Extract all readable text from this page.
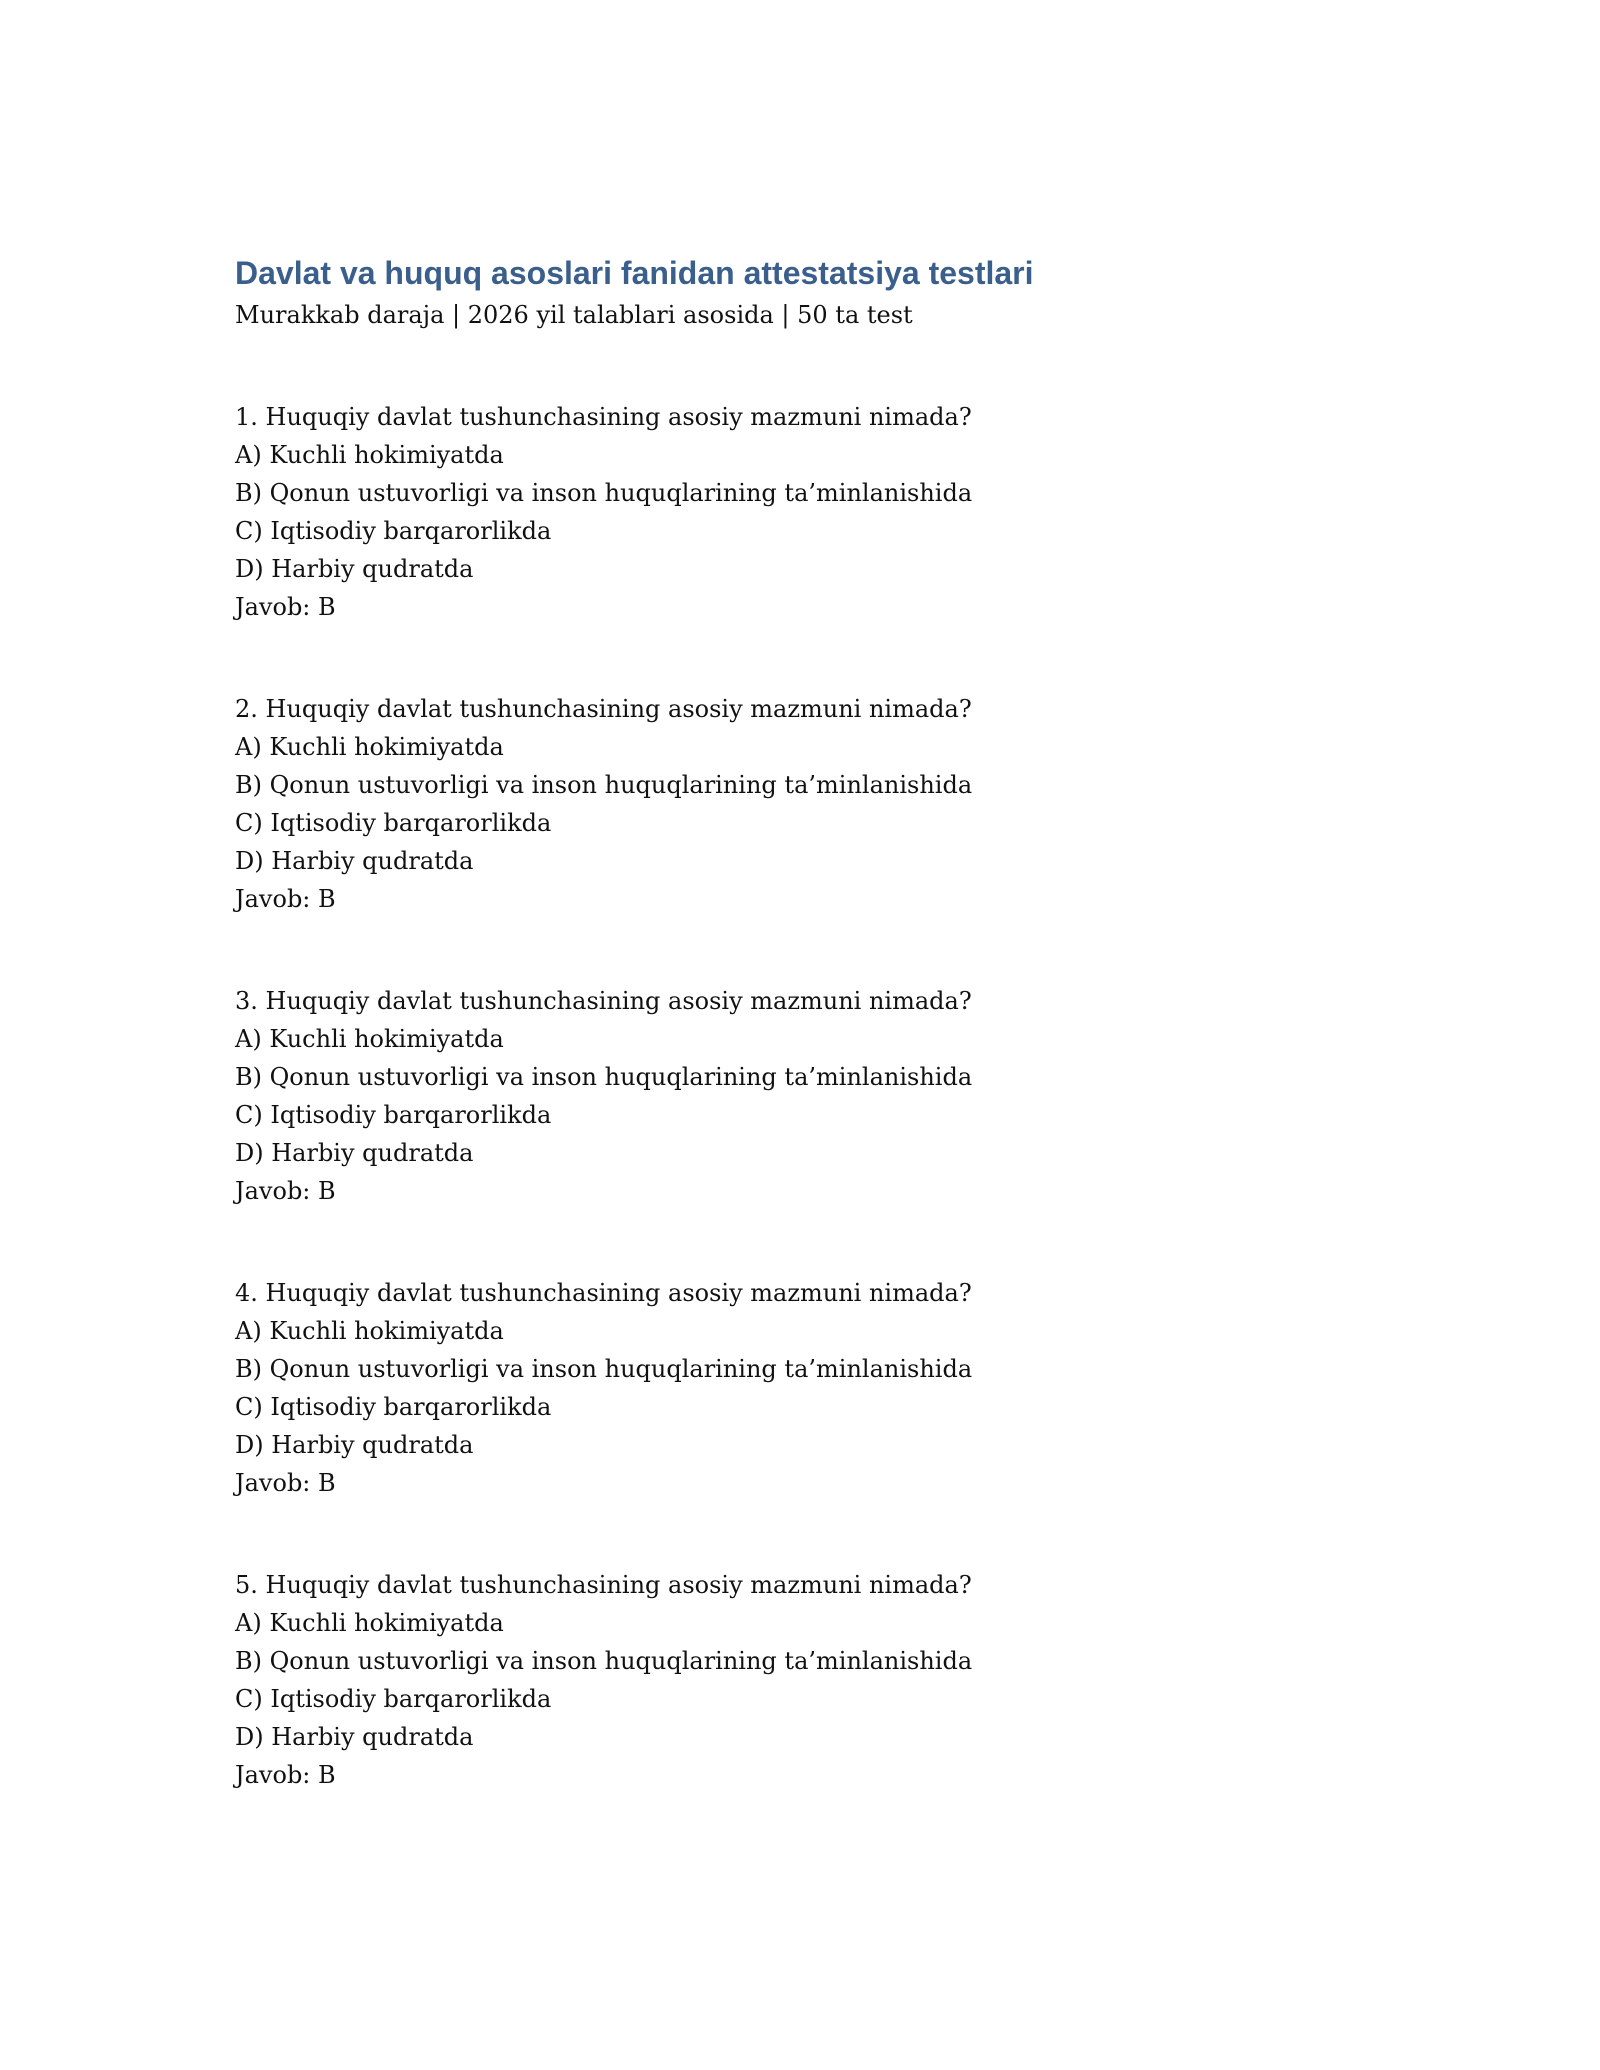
Davlat va huquq asoslari fanidan attestatsiya testlari

Murakkab daraja | 2026 yil talablari asosida | 50 ta test

1. Huquqiy davlat tushunchasining asosiy mazmuni nimada?
A) Kuchli hokimiyatda
B) Qonun ustuvorligi va inson huquqlarining ta’minlanishida
C) Iqtisodiy barqarorlikda
D) Harbiy qudratda
Javob: B
2. Huquqiy davlat tushunchasining asosiy mazmuni nimada?
A) Kuchli hokimiyatda
B) Qonun ustuvorligi va inson huquqlarining ta’minlanishida
C) Iqtisodiy barqarorlikda
D) Harbiy qudratda
Javob: B
3. Huquqiy davlat tushunchasining asosiy mazmuni nimada?
A) Kuchli hokimiyatda
B) Qonun ustuvorligi va inson huquqlarining ta’minlanishida
C) Iqtisodiy barqarorlikda
D) Harbiy qudratda
Javob: B
4. Huquqiy davlat tushunchasining asosiy mazmuni nimada?
A) Kuchli hokimiyatda
B) Qonun ustuvorligi va inson huquqlarining ta’minlanishida
C) Iqtisodiy barqarorlikda
D) Harbiy qudratda
Javob: B
5. Huquqiy davlat tushunchasining asosiy mazmuni nimada?
A) Kuchli hokimiyatda
B) Qonun ustuvorligi va inson huquqlarining ta’minlanishida
C) Iqtisodiy barqarorlikda
D) Harbiy qudratda
Javob: B
